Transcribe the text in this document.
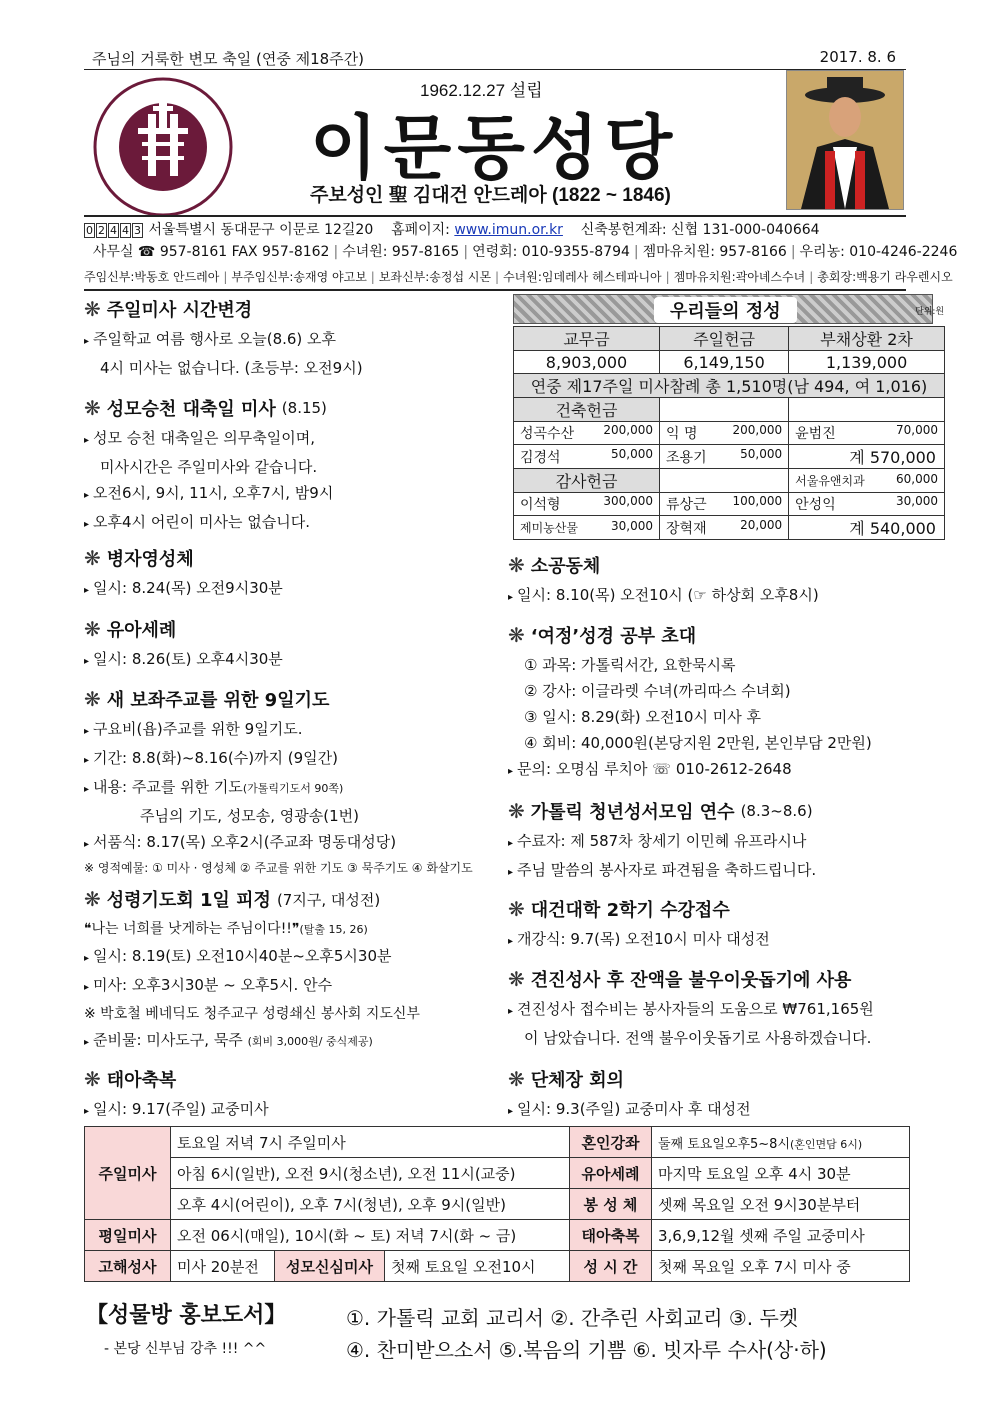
주님의 거룩한 변모 축일 (연중 제18주간)	2017. 8. 6
1962.12.27 설립
이문동성당
주보성인 聖 김대건 안드레아 (1822 ~ 1846)
0 2 4 4 3 서울특별시 동대문구 이문로 12길20 홈페이지: www.imun.or.kr 신축봉헌계좌: 신협 131-000-040664
사무실 ☎ 957-8161 FAX 957-8162 | 수녀원: 957-8165 | 연령회: 010-9355-8794 | 젬마유치원: 957-8166 | 우리농: 010-4246-2246
주임신부:박동호 안드레아 | 부주임신부:송재영 야고보 | 보좌신부:송정섭 시몬 | 수녀원:임데레사 헤스테파니아 | 젬마유치원:곽아녜스수녀 | 총회장:백용기 라우렌시오
❋ 주일미사 시간변경

▸ 주일학교 여름 행사로 오늘(8.6) 오후

4시 미사는 없습니다. (초등부: 오전9시)

❋ 성모승천 대축일 미사 (8.15)

▸ 성모 승천 대축일은 의무축일이며,

미사시간은 주일미사와 같습니다.

▸ 오전6시, 9시, 11시, 오후7시, 밤9시

▸ 오후4시 어린이 미사는 없습니다.

❋ 병자영성체

▸ 일시: 8.24(목) 오전9시30분

❋ 유아세례

▸ 일시: 8.26(토) 오후4시30분

❋ 새 보좌주교를 위한 9일기도

▸ 구요비(욥)주교를 위한 9일기도.

▸ 기간: 8.8(화)~8.16(수)까지 (9일간)

▸ 내용: 주교를 위한 기도(가톨릭기도서 90쪽)

주님의 기도, 성모송, 영광송(1번)

▸ 서품식: 8.17(목) 오후2시(주교좌 명동대성당)

※ 영적예물: ① 미사 · 영성체 ② 주교를 위한 기도 ③ 묵주기도 ④ 화살기도

❋ 성령기도회 1일 피정 (7지구, 대성전)

❝나는 너희를 낫게하는 주님이다!!❞(탈출 15, 26)

▸ 일시: 8.19(토) 오전10시40분~오후5시30분

▸ 미사: 오후3시30분 ~ 오후5시. 안수

※ 박호철 베네딕도 청주교구 성령쇄신 봉사회 지도신부

▸ 준비물: 미사도구, 묵주 (회비 3,000원/ 중식제공)

❋ 태아축복

▸ 일시: 9.17(주일) 교중미사

우리들의 정성	단위:원
교무금	주일헌금	부채상환 2차
8,903,000	6,149,150	1,139,000
연중 제17주일 미사참례 총 1,510명(남 494, 여 1,016)		
건축헌금		

성곡수산 200,000	익 명 200,000	윤범진 70,000

김경석 50,000	조용기 50,000	계 570,000
감사헌금		서울유앤치과 60,000

이석형 300,000	류상근 100,000	안성익 30,000

제미농산물 30,000	장혁재 20,000	계 540,000
❋ 소공동체

▸ 일시: 8.10(목) 오전10시 (☞ 하상회 오후8시)

❋ ‘여정’성경 공부 초대

① 과목: 가톨릭서간, 요한묵시록

② 강사: 이글라렛 수녀(까리따스 수녀회)

③ 일시: 8.29(화) 오전10시 미사 후

④ 회비: 40,000원(본당지원 2만원, 본인부담 2만원)

▸ 문의: 오명심 루치아 ☏ 010-2612-2648

❋ 가톨릭 청년성서모임 연수 (8.3~8.6)

▸ 수료자: 제 587차 창세기 이민혜 유프라시나

▸ 주님 말씀의 봉사자로 파견됨을 축하드립니다.

❋ 대건대학 2학기 수강접수

▸ 개강식: 9.7(목) 오전10시 미사 대성전

❋ 견진성사 후 잔액을 불우이웃돕기에 사용

▸ 견진성사 접수비는 봉사자들의 도움으로 ₩761,165원

이 남았습니다. 전액 불우이웃돕기로 사용하겠습니다.

❋ 단체장 회의

▸ 일시: 9.3(주일) 교중미사 후 대성전

주일미사	토요일 저녁 7시 주일미사			혼인강좌	둘째 토요일오후5~8시(혼인면담 6시)
	아침 6시(일반), 오전 9시(청소년), 오전 11시(교중)			유아세례	마지막 토요일 오후 4시 30분
	오후 4시(어린이), 오후 7시(청년), 오후 9시(일반)			봉 성 체	셋째 목요일 오전 9시30분부터
평일미사	오전 06시(매일), 10시(화 ~ 토) 저녁 7시(화 ~ 금)			태아축복	3,6,9,12월 셋째 주일 교중미사
고해성사	미사 20분전	성모신심미사	첫째 토요일 오전10시	성 시 간	첫째 목요일 오후 7시 미사 중
【성물방 홍보도서】
- 본당 신부님 강추 !!! ^^
①. 가톨릭 교회 교리서 ②. 간추린 사회교리 ③. 두켓
④. 찬미받으소서 ⑤.복음의 기쁨 ⑥. 빗자루 수사(상·하)
